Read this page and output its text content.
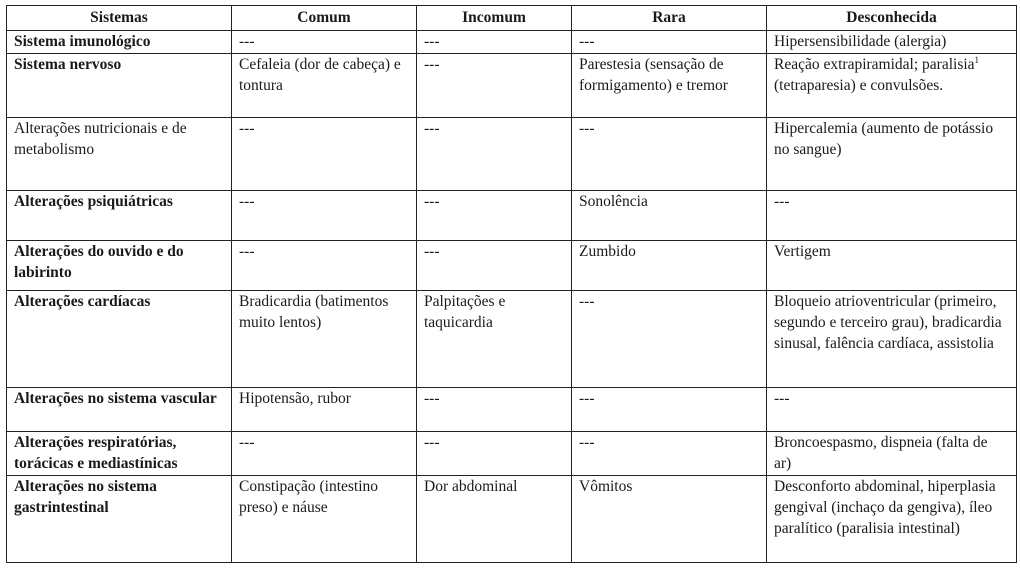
Sistemas	Comum	Incomum	Rara	Desconhecida
Sistema imunológico	---	---	---	Hipersensibilidade (alergia)
Sistema nervoso	Cefaleia (dor de cabeça) e tontura	---	Parestesia (sensação de formigamento) e tremor	Reação extrapiramidal; paralisia$^1$ (tetraparesia) e convulsões.
Alterações nutricionais e de metabolismo	---	---	---	Hipercalemia (aumento de potássio no sangue)
Alterações psiquiátricas	---	---	Sonolência	---
Alterações do ouvido e do labirinto	---	---	Zumbido	Vertigem
Alterações cardíacas	Bradicardia (batimentos muito lentos)	Palpitações e taquicardia	---	Bloqueio atrioventricular (primeiro, segundo e terceiro grau), bradicardia sinusal, falência cardíaca, assistolia
Alterações no sistema vascular	Hipotensão, rubor	---	---	---
Alterações respiratórias, torácicas e mediastínicas	---	---	---	Broncoespasmo, dispneia (falta de ar)
Alterações no sistema gastrintestinal	Constipação (intestino preso) e náuse	Dor abdominal	Vômitos	Desconforto abdominal, hiperplasia gengival (inchaço da gengiva), íleo paralítico (paralisia intestinal)
